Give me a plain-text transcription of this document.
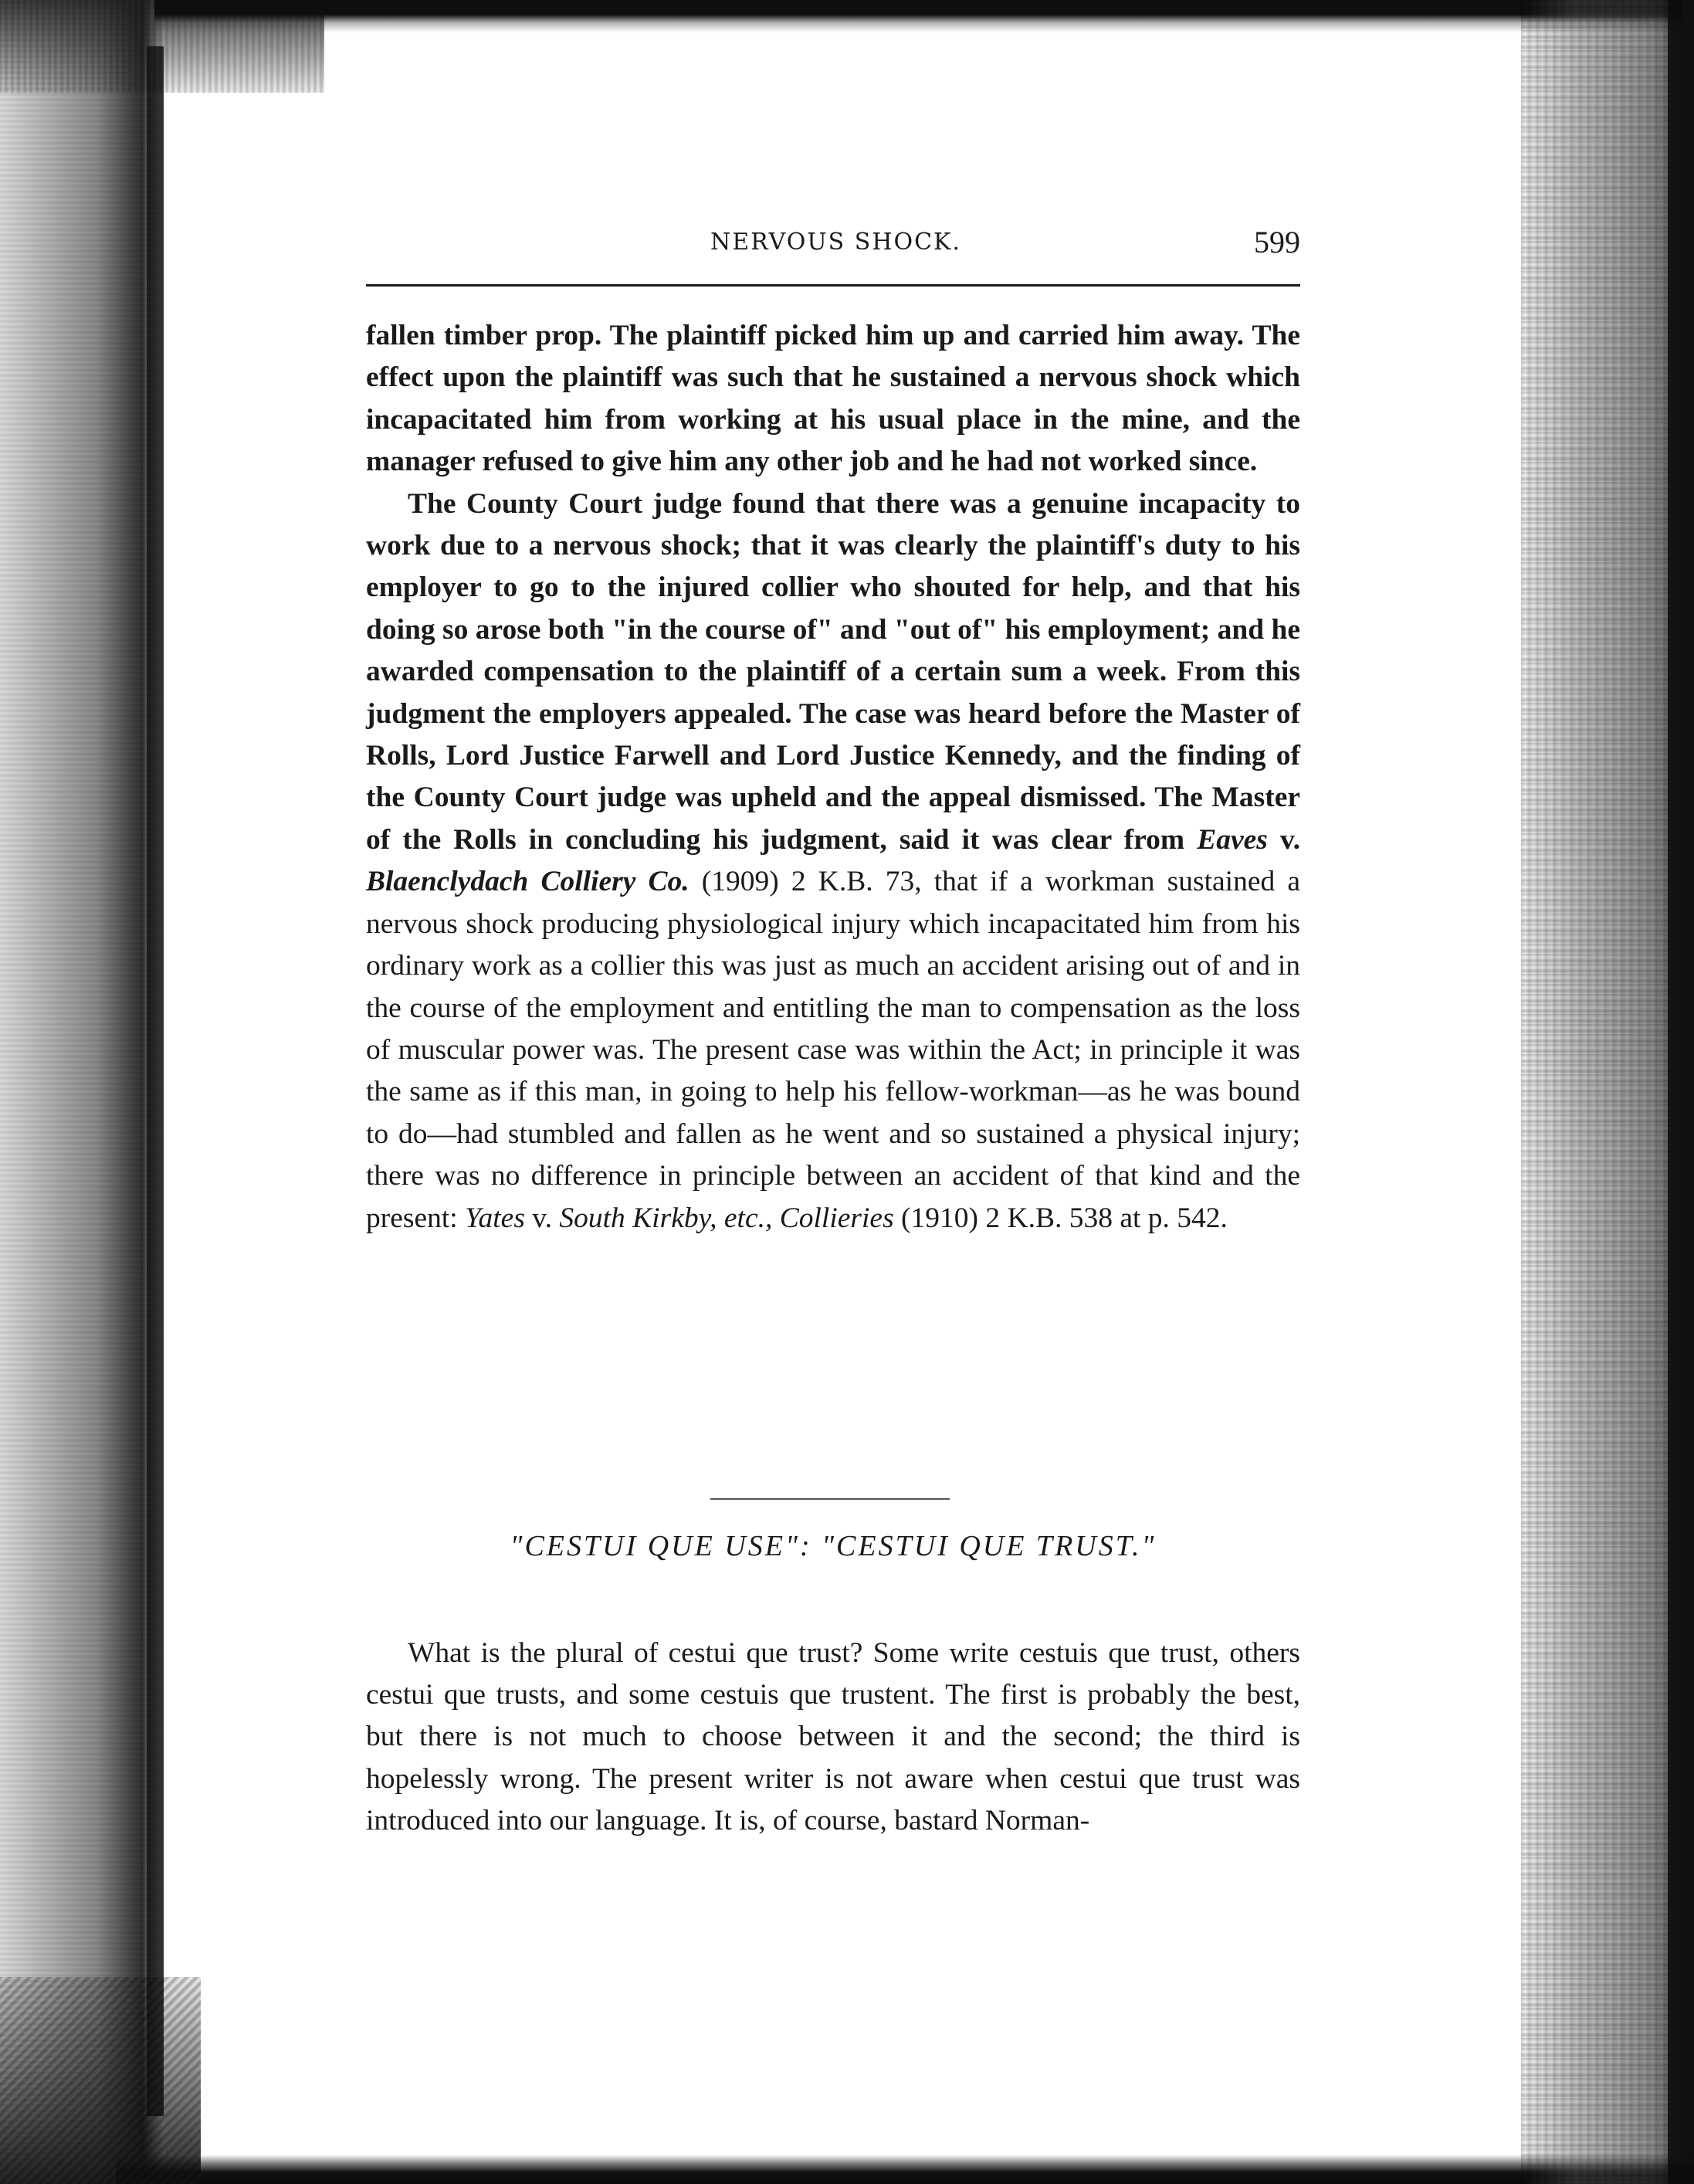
NERVOUS SHOCK.	599

fallen timber prop. The plaintiff picked him up and carried him away. The effect upon the plaintiff was such that he sustained a nervous shock which incapacitated him from working at his usual place in the mine, and the manager refused to give him any other job and he had not worked since.

The County Court judge found that there was a genuine incapacity to work due to a nervous shock; that it was clearly the plaintiff's duty to his employer to go to the injured collier who shouted for help, and that his doing so arose both "in the course of" and "out of" his employment; and he awarded compensation to the plaintiff of a certain sum a week. From this judgment the employers appealed. The case was heard before the Master of Rolls, Lord Justice Farwell and Lord Justice Kennedy, and the finding of the County Court judge was upheld and the appeal dismissed. The Master of the Rolls in concluding his judgment, said it was clear from Eaves v. Blaenclydach Colliery Co. (1909) 2 K.B. 73, that if a workman sustained a nervous shock producing physiological injury which incapacitated him from his ordinary work as a collier this was just as much an accident arising out of and in the course of the employment and entitling the man to compensation as the loss of muscular power was. The present case was within the Act; in principle it was the same as if this man, in going to help his fellow-workman—as he was bound to do—had stumbled and fallen as he went and so sustained a physical injury; there was no difference in principle between an accident of that kind and the present: Yates v. South Kirkby, etc., Collieries (1910) 2 K.B. 538 at p. 542.

"CESTUI QUE USE": "CESTUI QUE TRUST."

What is the plural of cestui que trust? Some write cestuis que trust, others cestui que trusts, and some cestuis que trustent. The first is probably the best, but there is not much to choose between it and the second; the third is hopelessly wrong. The present writer is not aware when cestui que trust was introduced into our language. It is, of course, bastard Norman-
